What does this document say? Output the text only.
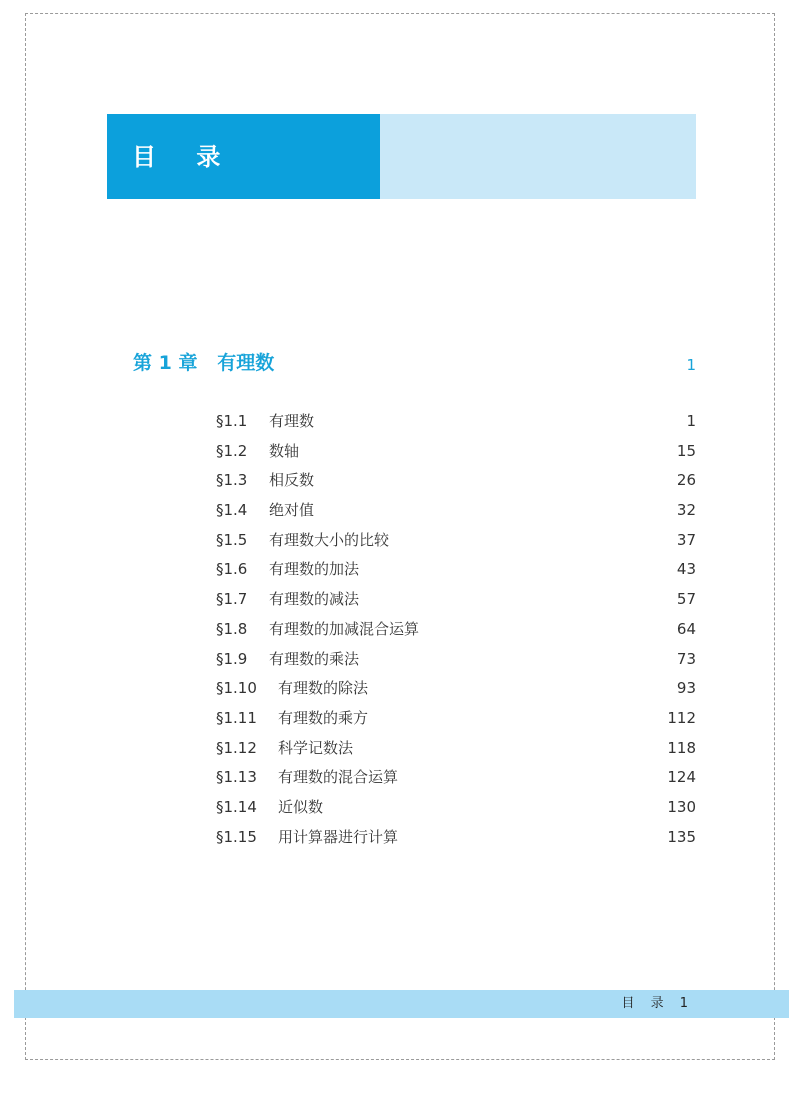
目 录
第 1 章   有理数	1
§1.1 有理数	1
§1.2 数轴	15
§1.3 相反数	26
§1.4 绝对值	32
§1.5 有理数大小的比较	37
§1.6 有理数的加法	43
§1.7 有理数的减法	57
§1.8 有理数的加减混合运算	64
§1.9 有理数的乘法	73
§1.10 有理数的除法	93
§1.11 有理数的乘方	112
§1.12 科学记数法	118
§1.13 有理数的混合运算	124
§1.14 近似数	130
§1.15 用计算器进行计算	135
目 录 1
